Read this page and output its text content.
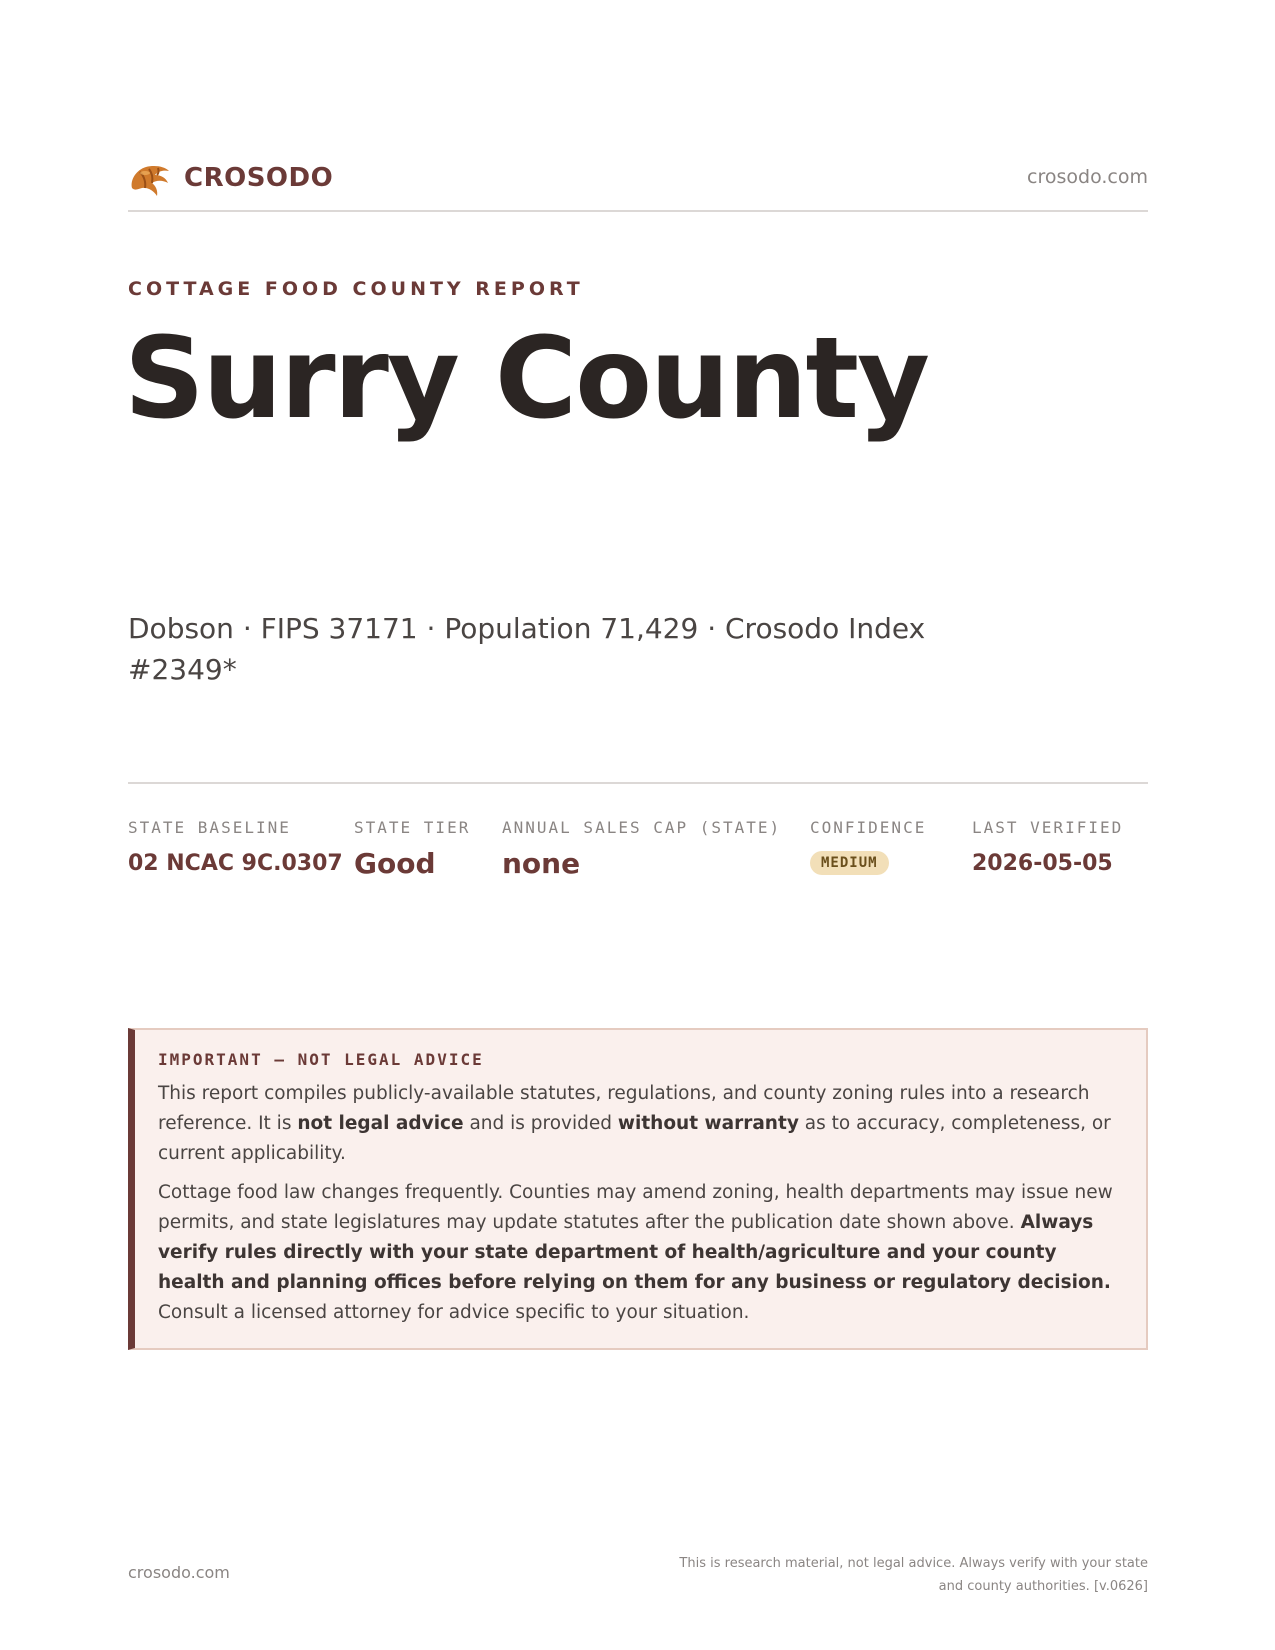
CROSODO	crosodo.com
COTTAGE FOOD COUNTY REPORT
Surry County
Dobson · FIPS 37171 · Population 71,429 · Crosodo Index #2349*
STATE BASELINE
02 NCAC 9C.0307
STATE TIER
Good
ANNUAL SALES CAP (STATE)
none
CONFIDENCE
MEDIUM
LAST VERIFIED
2026-05-05
IMPORTANT — NOT LEGAL ADVICE

This report compiles publicly-available statutes, regulations, and county zoning rules into a research reference. It is not legal advice and is provided without warranty as to accuracy, completeness, or current applicability.

Cottage food law changes frequently. Counties may amend zoning, health departments may issue new permits, and state legislatures may update statutes after the publication date shown above. Always verify rules directly with your state department of health/agriculture and your county health and planning offices before relying on them for any business or regulatory decision. Consult a licensed attorney for advice specific to your situation.

crosodo.com	This is research material, not legal advice. Always verify with your state
and county authorities. [v.0626]
